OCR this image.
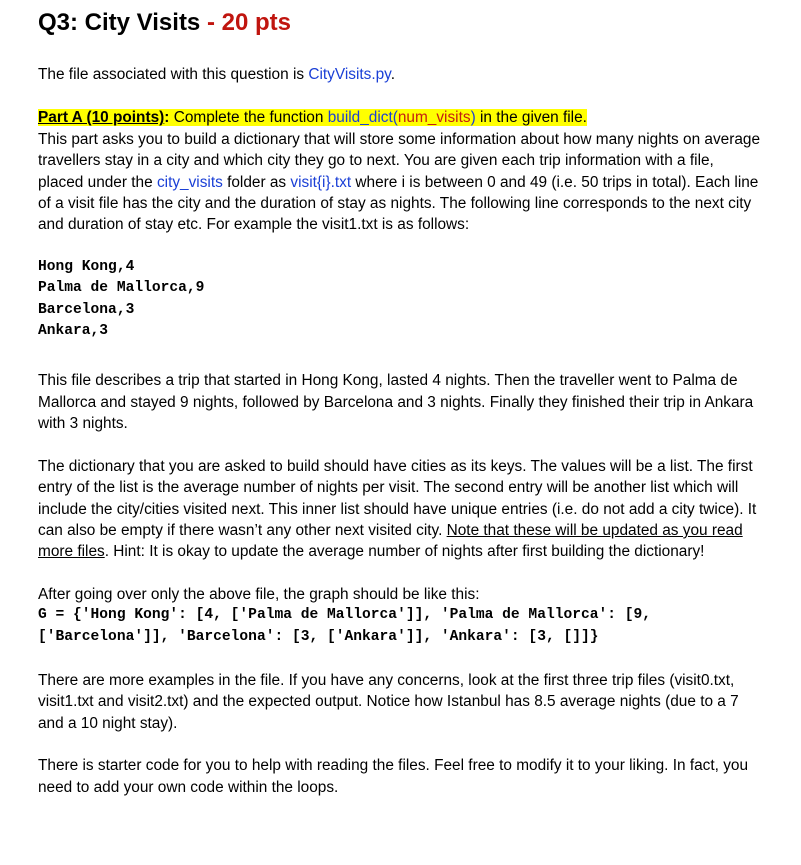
Q3: City Visits - 20 pts

The file associated with this question is CityVisits.py.

Part A (10 points): Complete the function build_dict(num_visits) in the given file.
This part asks you to build a dictionary that will store some information about how many nights on average travellers stay in a city and which city they go to next. You are given each trip information with a file, placed under the city_visits folder as visit{i}.txt where i is between 0 and 49 (i.e. 50 trips in total). Each line of a visit file has the city and the duration of stay as nights. The following line corresponds to the next city and duration of stay etc. For example the visit1.txt is as follows:

Hong Kong,4
Palma de Mallorca,9
Barcelona,3
Ankara,3

This file describes a trip that started in Hong Kong, lasted 4 nights. Then the traveller went to Palma de Mallorca and stayed 9 nights, followed by Barcelona and 3 nights. Finally they finished their trip in Ankara with 3 nights.

The dictionary that you are asked to build should have cities as its keys. The values will be a list. The first entry of the list is the average number of nights per visit. The second entry will be another list which will include the city/cities visited next. This inner list should have unique entries (i.e. do not add a city twice). It can also be empty if there wasn’t any other next visited city. Note that these will be updated as you read more files. Hint: It is okay to update the average number of nights after first building the dictionary!

After going over only the above file, the graph should be like this:

G = {'Hong Kong': [4, ['Palma de Mallorca']], 'Palma de Mallorca': [9,
['Barcelona']], 'Barcelona': [3, ['Ankara']], 'Ankara': [3, []]}

There are more examples in the file. If you have any concerns, look at the first three trip files (visit0.txt, visit1.txt and visit2.txt) and the expected output. Notice how Istanbul has 8.5 average nights (due to a 7 and a 10 night stay).

There is starter code for you to help with reading the files. Feel free to modify it to your liking. In fact, you need to add your own code within the loops.
